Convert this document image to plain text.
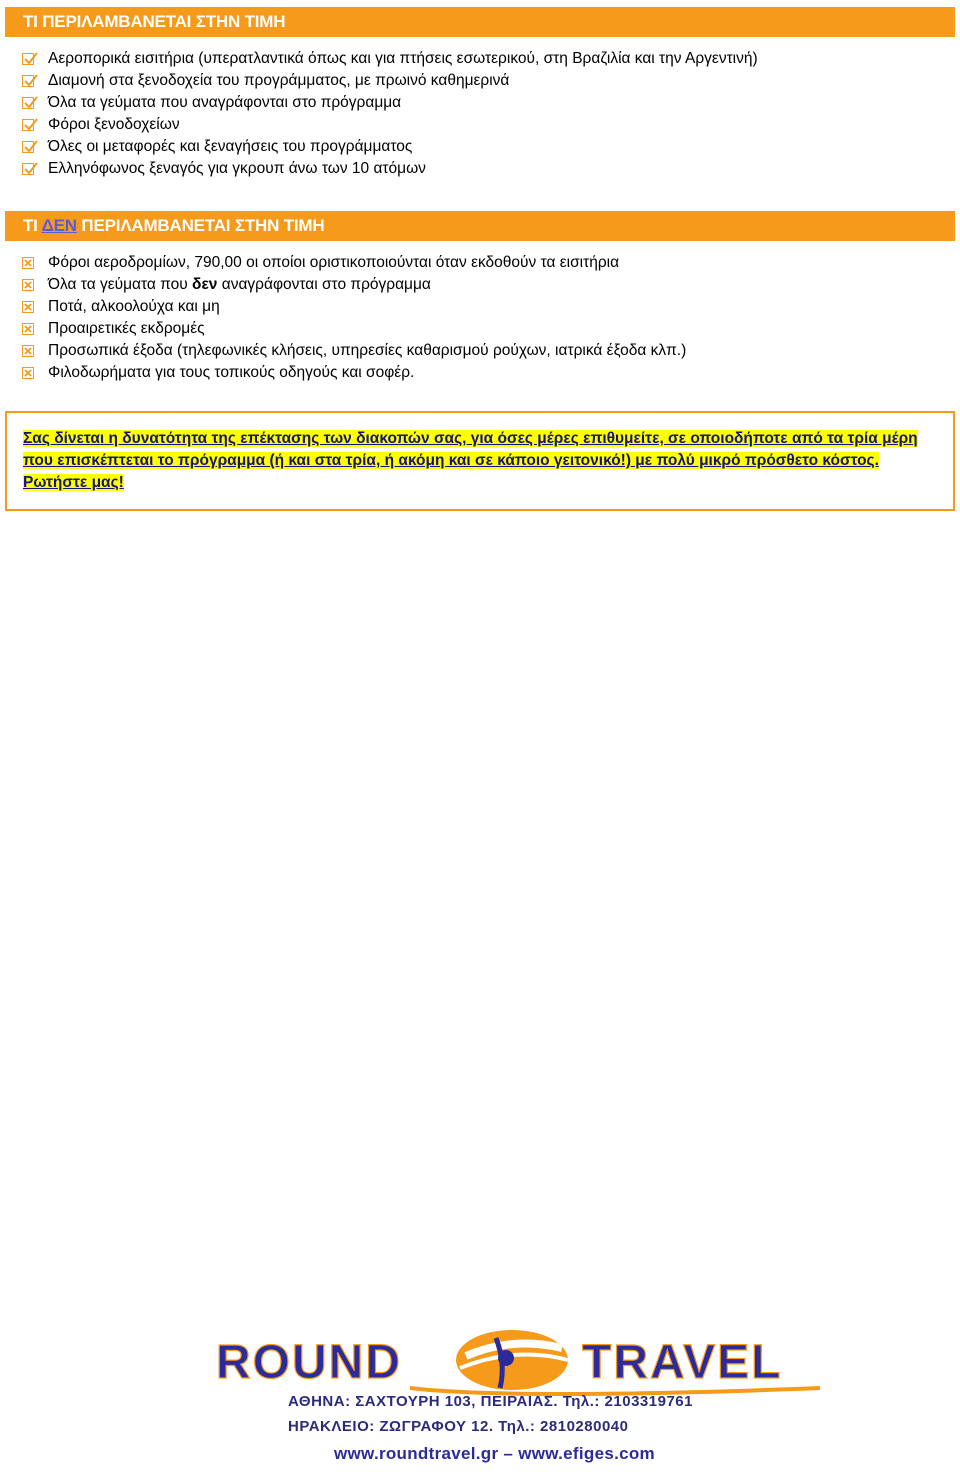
ΤΙ ΠΕΡΙΛΑΜΒΑΝΕΤΑΙ ΣΤΗΝ ΤΙΜΗ
Αεροπορικά εισιτήρια (υπερατλαντικά όπως και για πτήσεις εσωτερικού, στη Βραζιλία και την Αργεντινή)
Διαμονή στα ξενοδοχεία του προγράμματος, με πρωινό καθημερινά
Όλα τα γεύματα που αναγράφονται στο πρόγραμμα
Φόροι ξενοδοχείων
Όλες οι μεταφορές και ξεναγήσεις του προγράμματος
Ελληνόφωνος ξεναγός για γκρουπ άνω των 10 ατόμων
ΤΙ ΔΕΝ ΠΕΡΙΛΑΜΒΑΝΕΤΑΙ ΣΤΗΝ ΤΙΜΗ
Φόροι αεροδρομίων, 790,00 οι οποίοι οριστικοποιούνται όταν εκδοθούν τα εισιτήρια
Όλα τα γεύματα που δεν αναγράφονται στο πρόγραμμα
Ποτά, αλκοολούχα και μη
Προαιρετικές εκδρομές
Προσωπικά έξοδα (τηλεφωνικές κλήσεις, υπηρεσίες καθαρισμού ρούχων, ιατρικά έξοδα κλπ.)
Φιλοδωρήματα για τους τοπικούς οδηγούς και σοφέρ.
Σας δίνεται η δυνατότητα της επέκτασης των διακοπών σας, για όσες μέρες επιθυμείτε, σε οποιοδήποτε από τα τρία μέρη που επισκέπτεται το πρόγραμμα (ή και στα τρία, ή ακόμη και σε κάποιο γειτονικό!) με πολύ μικρό πρόσθετο κόστος. Ρωτήστε μας!
ROUND	TRAVEL
ΑΘΗΝΑ: ΣΑΧΤΟΥΡΗ 103, ΠΕΙΡΑΙΑΣ. Τηλ.: 2103319761
ΗΡΑΚΛΕΙΟ: ΖΩΓΡΑΦΟΥ 12. Τηλ.: 2810280040
www.roundtravel.gr – www.efiges.com
